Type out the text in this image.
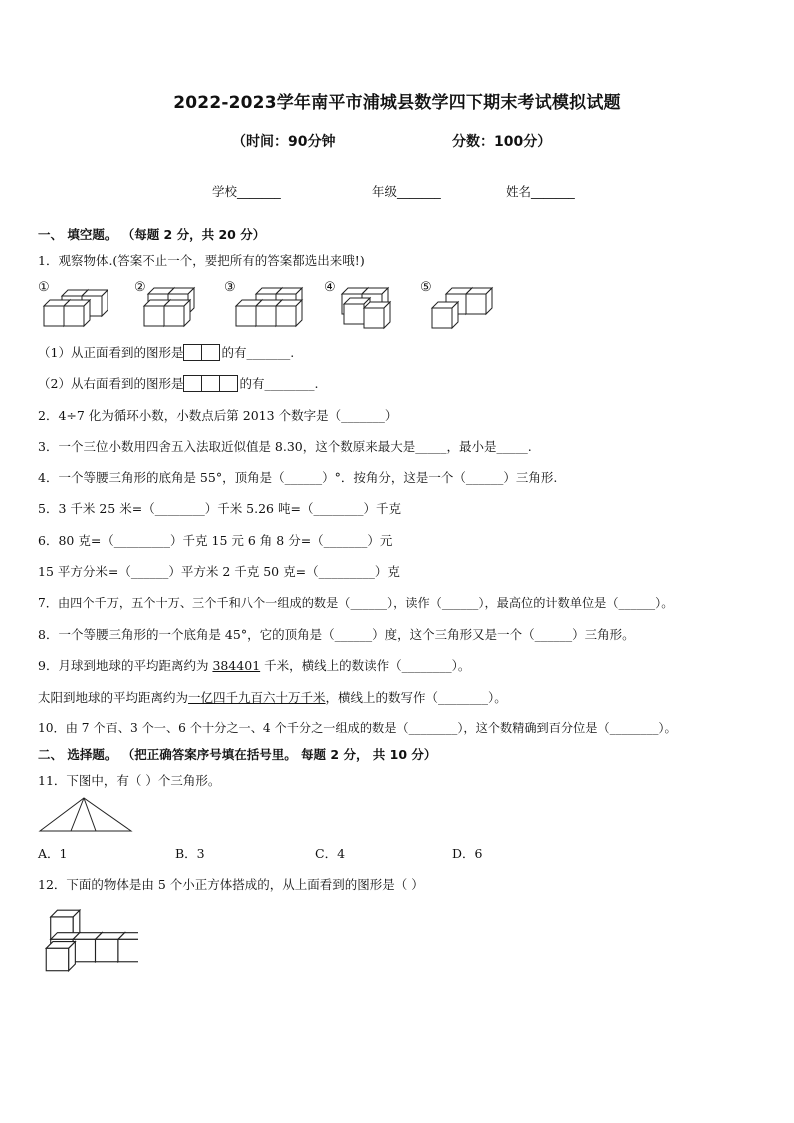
2022-2023学年南平市浦城县数学四下期末考试模拟试题
（时间：90分钟	分数：100分）
学校_______	年级_______	姓名_______
一、 填空题。 （每题 2 分，共 20 分）
1．观察物体.(答案不止一个，要把所有的答案都选出来哦!)
①	②	③	④	⑤
（1）从正面看到的图形是	的有_______.
（2）从右面看到的图形是	的有________.
2．4÷7 化为循环小数，小数点后第 2013 个数字是（_______）
3．一个三位小数用四舍五入法取近似值是 8.30，这个数原来最大是_____，最小是_____.
4．一个等腰三角形的底角是 55°，顶角是（______）°．按角分，这是一个（______）三角形.
5．3 千米 25 米=（________）千米 5.26 吨=（________）千克
6．80 克=（_________）千克 15 元 6 角 8 分=（_______）元
15 平方分米=（______）平方米 2 千克 50 克=（_________）克
7．由四个千万，五个十万、三个千和八个一组成的数是（______），读作（______），最高位的计数单位是（______）。
8．一个等腰三角形的一个底角是 45°，它的顶角是（______）度，这个三角形又是一个（______）三角形。
9．月球到地球的平均距离约为 384401 千米，横线上的数读作（________）。
太阳到地球的平均距离约为一亿四千九百六十万千米，横线上的数写作（________）。
10．由 7 个百、3 个一、6 个十分之一、4 个千分之一组成的数是（________），这个数精确到百分位是（________）。
二、 选择题。 （把正确答案序号填在括号里。 每题 2 分， 共 10 分）
11．下图中，有（ ）个三角形。
A．1	B．3	C．4	D．6
12．下面的物体是由 5 个小正方体搭成的，从上面看到的图形是（ ）
